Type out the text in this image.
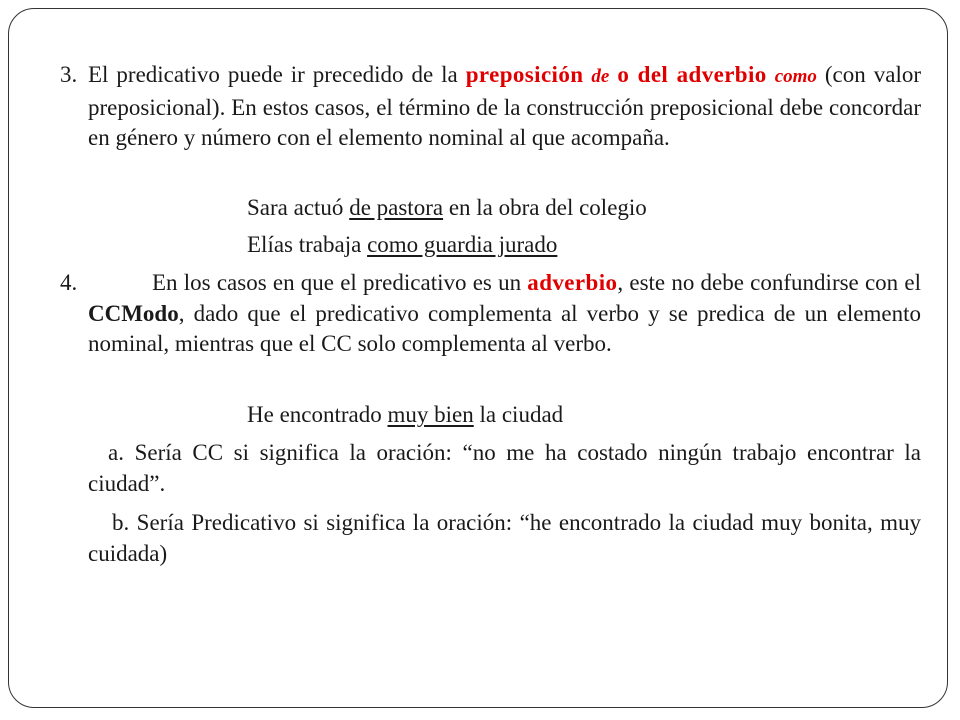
3. El predicativo puede ir precedido de la preposición de o del adverbio como (con valor preposicional). En estos casos, el término de la construcción preposicional debe concordar en género y número con el elemento nominal al que acompaña.
Sara actuó de pastora en la obra del colegio
Elías trabaja como guardia jurado
4.	En los casos en que el predicativo es un adverbio, este no debe confundirse con el CCModo, dado que el predicativo complementa al verbo y se predica de un elemento nominal, mientras que el CC solo complementa al verbo.
He encontrado muy bien la ciudad
a. Sería CC si significa la oración: “no me ha costado ningún trabajo encontrar la ciudad”.
b. Sería Predicativo si significa la oración: “he encontrado la ciudad muy bonita, muy cuidada)
